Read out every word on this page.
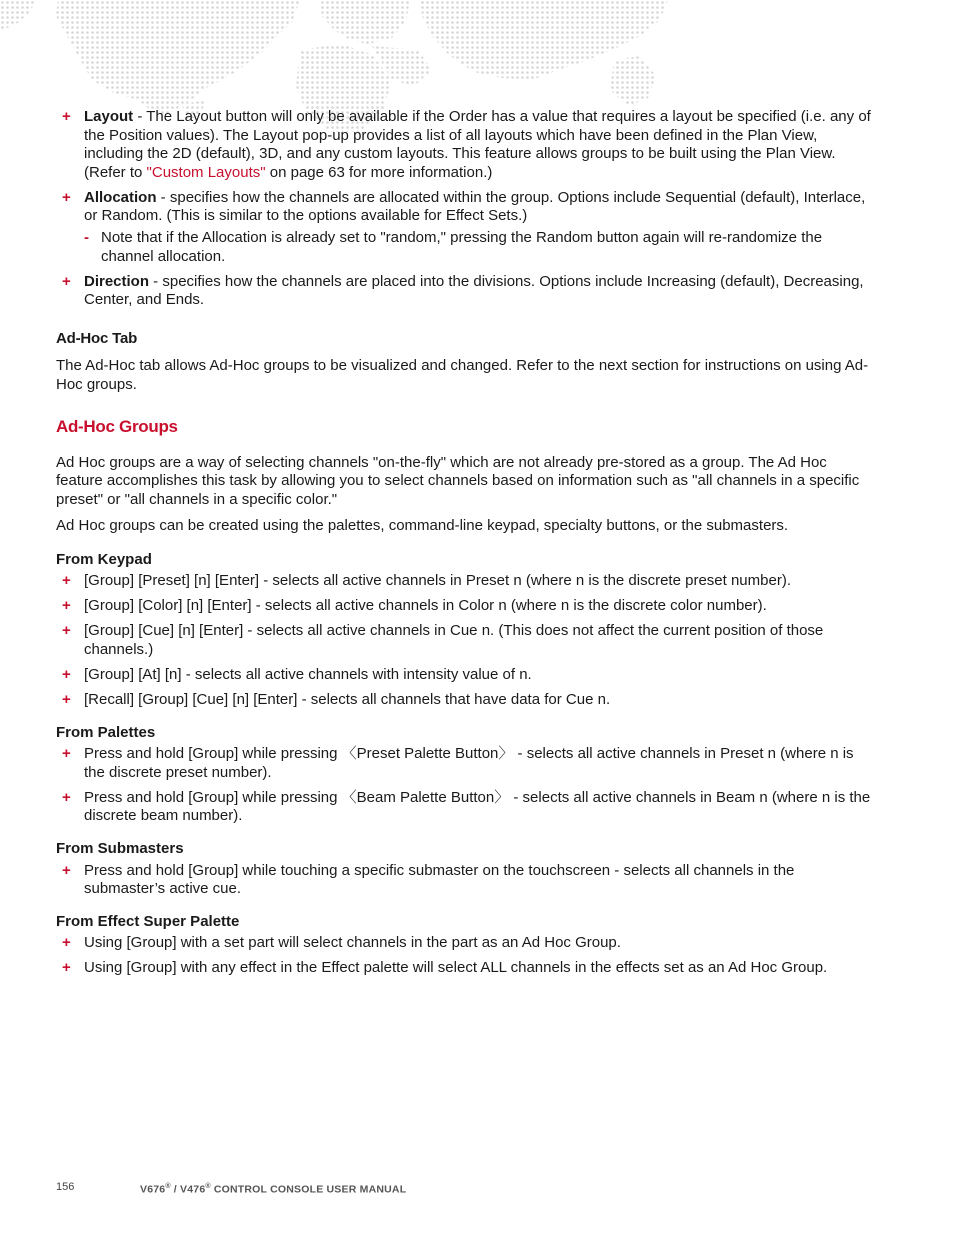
+ Layout - The Layout button will only be available if the Order has a value that requires a layout be specified (i.e. any of the Position values). The Layout pop-up provides a list of all layouts which have been defined in the Plan View, including the 2D (default), 3D, and any custom layouts. This feature allows groups to be built using the Plan View. (Refer to "Custom Layouts" on page 63 for more information.)
+ Allocation - specifies how the channels are allocated within the group. Options include Sequential (default), Interlace, or Random. (This is similar to the options available for Effect Sets.)
- Note that if the Allocation is already set to "random," pressing the Random button again will re-randomize the channel allocation.
+ Direction - specifies how the channels are placed into the divisions. Options include Increasing (default), Decreasing, Center, and Ends.
Ad-Hoc Tab

The Ad-Hoc tab allows Ad-Hoc groups to be visualized and changed. Refer to the next section for instructions on using Ad-Hoc groups.

Ad-Hoc Groups

Ad Hoc groups are a way of selecting channels "on-the-fly" which are not already pre-stored as a group. The Ad Hoc feature accomplishes this task by allowing you to select channels based on information such as "all channels in a specific preset" or "all channels in a specific color."

Ad Hoc groups can be created using the palettes, command-line keypad, specialty buttons, or the submasters.

From Keypad

+ [Group] [Preset] [n] [Enter] - selects all active channels in Preset n (where n is the discrete preset number).
+ [Group] [Color] [n] [Enter] - selects all active channels in Color n (where n is the discrete color number).
+ [Group] [Cue] [n] [Enter] - selects all active channels in Cue n. (This does not affect the current position of those channels.)
+ [Group] [At] [n] - selects all active channels with intensity value of n.
+ [Recall] [Group] [Cue] [n] [Enter] - selects all channels that have data for Cue n.

From Palettes

+ Press and hold [Group] while pressing 〈Preset Palette Button〉 - selects all active channels in Preset n (where n is the discrete preset number).
+ Press and hold [Group] while pressing 〈Beam Palette Button〉 - selects all active channels in Beam n (where n is the discrete beam number).

From Submasters

+ Press and hold [Group] while touching a specific submaster on the touchscreen - selects all channels in the submaster’s active cue.

From Effect Super Palette

+ Using [Group] with a set part will select channels in the part as an Ad Hoc Group.
+ Using [Group] with any effect in the Effect palette will select ALL channels in the effects set as an Ad Hoc Group.
156	V676® / V476® CONTROL CONSOLE USER MANUAL
